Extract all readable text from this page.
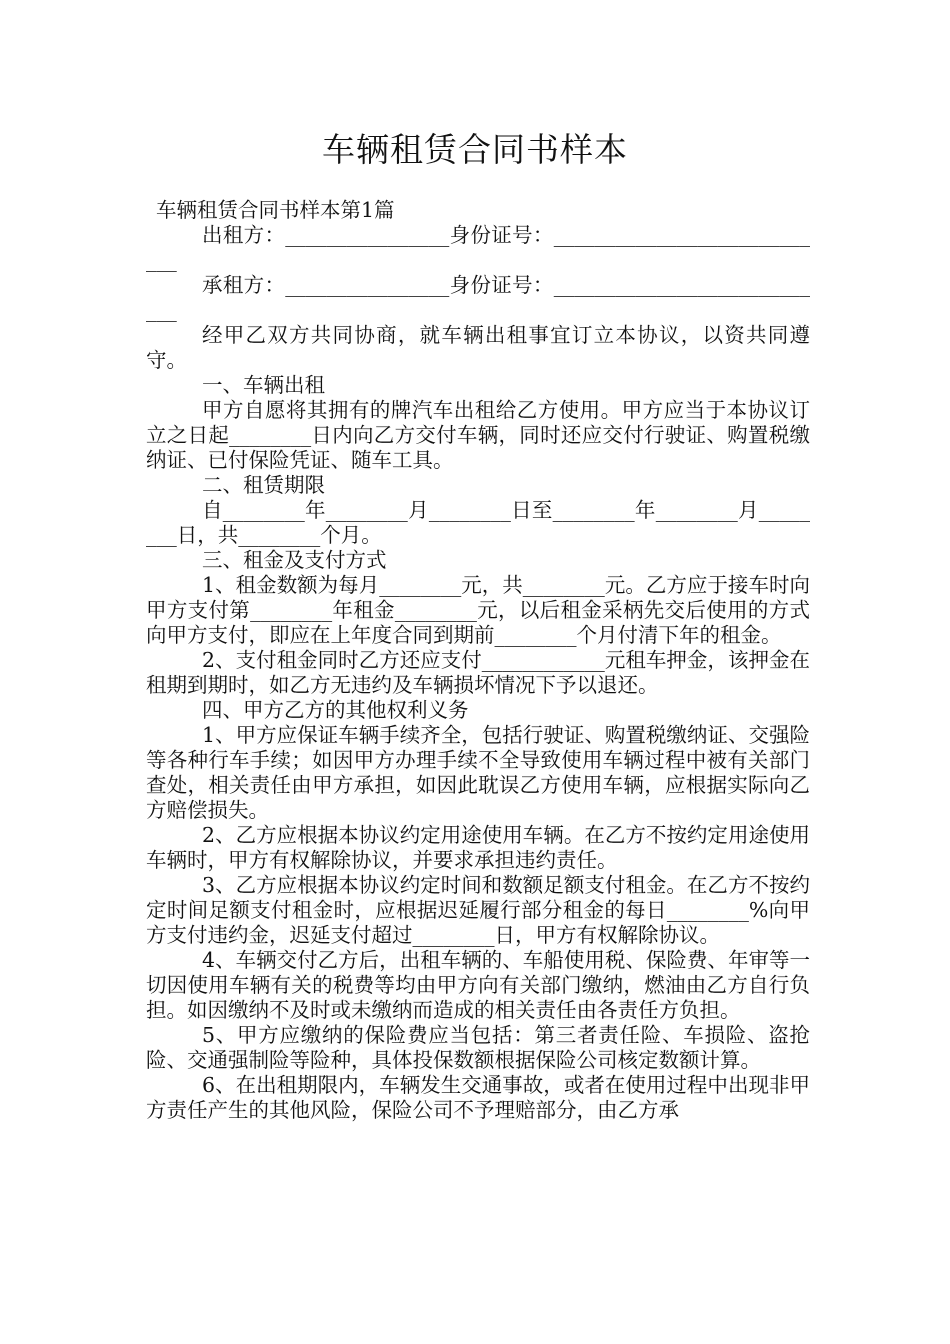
车辆租赁合同书样本

车辆租赁合同书样本第1篇

出租方：________________身份证号：____________________________

承租方：________________身份证号：____________________________

经甲乙双方共同协商，就车辆出租事宜订立本协议，以资共同遵守。

一、车辆出租

甲方自愿将其拥有的牌汽车出租给乙方使用。甲方应当于本协议订立之日起________日内向乙方交付车辆，同时还应交付行驶证、购置税缴纳证、已付保险凭证、随车工具。

二、租赁期限

自________年________月________日至________年________月________日，共________个月。

三、租金及支付方式

1、租金数额为每月________元，共________元。乙方应于接车时向甲方支付第________年租金________元，以后租金采柄先交后使用的方式向甲方支付，即应在上年度合同到期前________个月付清下年的租金。

2、支付租金同时乙方还应支付____________元租车押金，该押金在租期到期时，如乙方无违约及车辆损坏情况下予以退还。

四、甲方乙方的其他权利义务

1、甲方应保证车辆手续齐全，包括行驶证、购置税缴纳证、交强险等各种行车手续；如因甲方办理手续不全导致使用车辆过程中被有关部门查处，相关责任由甲方承担，如因此耽误乙方使用车辆，应根据实际向乙方赔偿损失。

2、乙方应根据本协议约定用途使用车辆。在乙方不按约定用途使用车辆时，甲方有权解除协议，并要求承担违约责任。

3、乙方应根据本协议约定时间和数额足额支付租金。在乙方不按约定时间足额支付租金时，应根据迟延履行部分租金的每日________%向甲方支付违约金，迟延支付超过________日，甲方有权解除协议。

4、车辆交付乙方后，出租车辆的、车船使用税、保险费、年审等一切因使用车辆有关的税费等均由甲方向有关部门缴纳，燃油由乙方自行负担。如因缴纳不及时或未缴纳而造成的相关责任由各责任方负担。

5、甲方应缴纳的保险费应当包括：第三者责任险、车损险、盗抢险、交通强制险等险种，具体投保数额根据保险公司核定数额计算。

6、在出租期限内，车辆发生交通事故，或者在使用过程中出现非甲方责任产生的其他风险，保险公司不予理赔部分，由乙方承
